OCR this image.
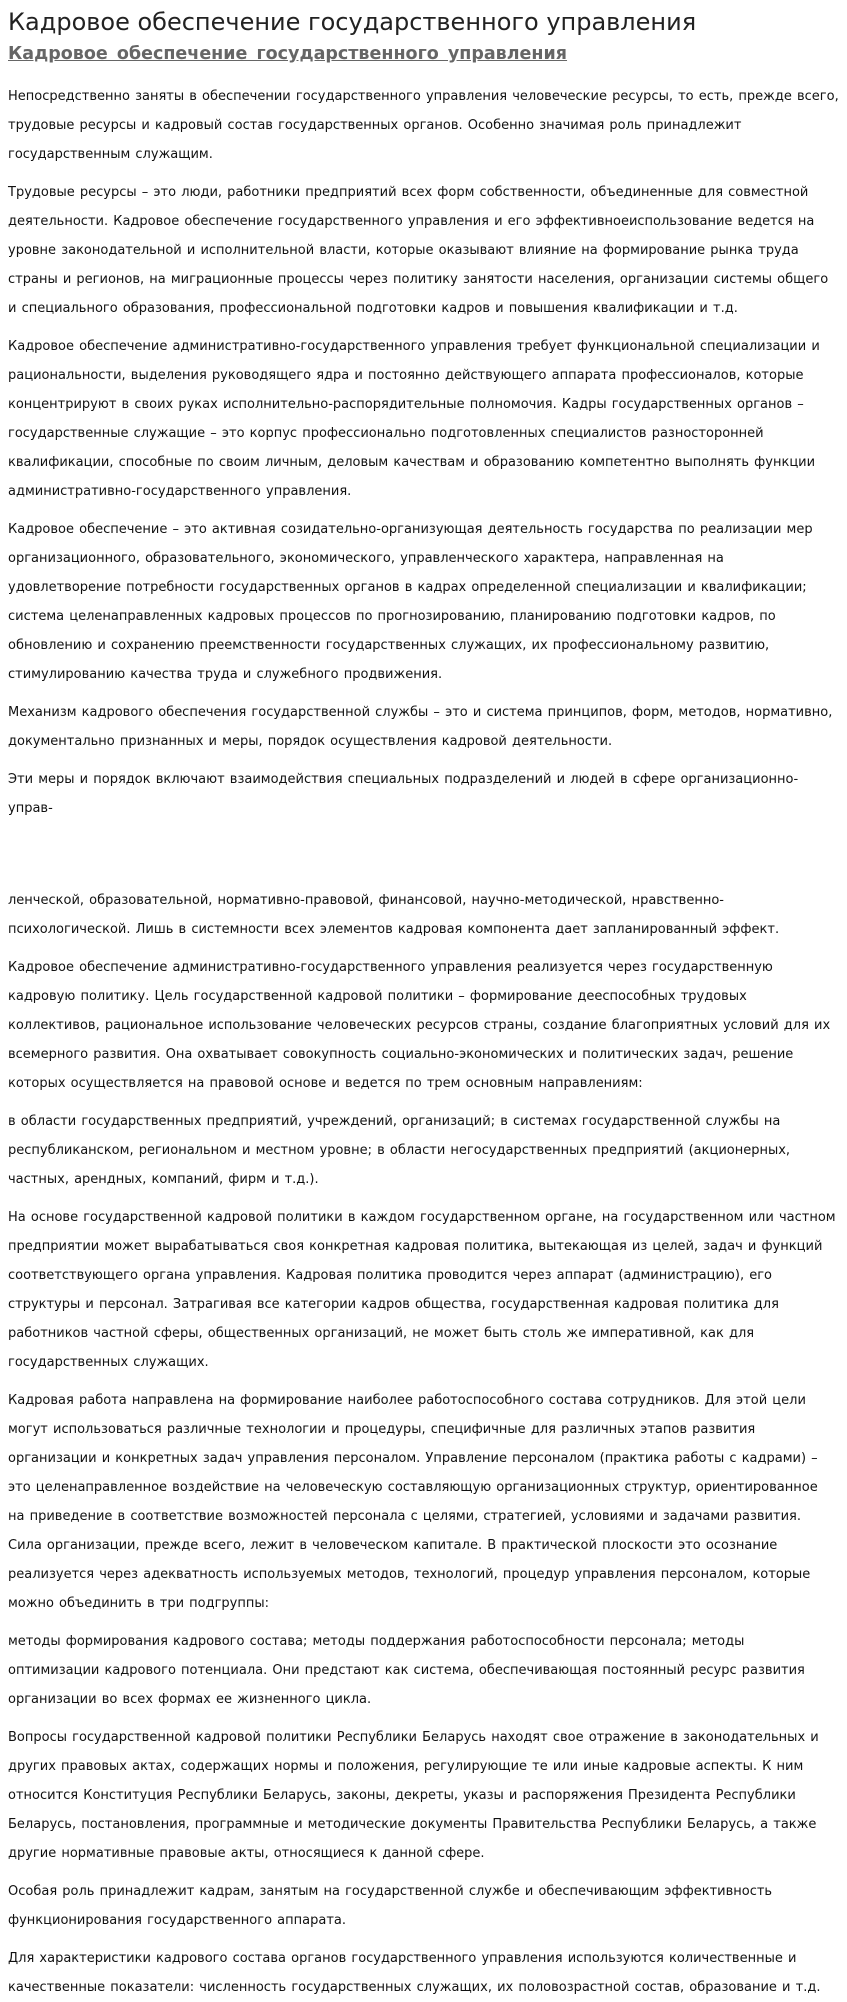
Кадровое обеспечение государственного управления
Кадровое обеспечение государственного управления

Непосредственно заняты в обеспечении государственного управления человеческие ресурсы, то есть, прежде всего, трудовые ресурсы и кадровый состав государственных органов. Особенно значимая роль принадлежит государственным служащим.

Трудовые ресурсы – это люди, работники предприятий всех форм собственности, объединенные для совместной деятельности. Кадровое обеспечение государственного управления и его эффективноеиспользование ведется на уровне законодательной и исполнительной власти, которые оказывают влияние на формирование рынка труда страны и регионов, на миграционные процессы через политику занятости населения, организации системы общего и специального образования, профессиональной подготовки кадров и повышения квалификации и т.д.

Кадровое обеспечение административно-государственного управления требует функциональной специализации и рациональности, выделения руководящего ядра и постоянно действующего аппарата профессионалов, которые концентрируют в своих руках исполнительно-распорядительные полномочия. Кадры государственных органов – государственные служащие – это корпус профессионально подготовленных специалистов разносторонней квалификации, способные по своим личным, деловым качествам и образованию компетентно выполнять функции административно-государственного управления.

Кадровое обеспечение – это активная созидательно-организующая деятельность государства по реализации мер организационного, образовательного, экономического, управленческого характера, направленная на удовлетворение потребности государственных органов в кадрах определенной специализации и квалификации; система целенаправленных кадровых процессов по прогнозированию, планированию подготовки кадров, по обновлению и сохранению преемственности государственных служащих, их профессиональному развитию, стимулированию качества труда и служебного продвижения.

Механизм кадрового обеспечения государственной службы – это и система принципов, форм, методов, нормативно, документально признанных и меры, порядок осуществления кадровой деятельности.

Эти меры и порядок включают взаимодействия специальных подразделений и людей в сфере организационно-управ-

ленческой, образовательной, нормативно-правовой, финансовой, научно-методической, нравственно-психологической. Лишь в системности всех элементов кадровая компонента дает запланированный эффект.

Кадровое обеспечение административно-государственного управления реализуется через государственную кадровую политику. Цель государственной кадровой политики – формирование дееспособных трудовых коллективов, рациональное использование человеческих ресурсов страны, создание благоприятных условий для их всемерного развития. Она охватывает совокупность социально-экономических и политических задач, решение которых осуществляется на правовой основе и ведется по трем основным направлениям:

в области государственных предприятий, учреждений, организаций; в системах государственной службы на республиканском, региональном и местном уровне; в области негосударственных предприятий (акционерных, частных, арендных, компаний, фирм и т.д.).

На основе государственной кадровой политики в каждом государственном органе, на государственном или частном предприятии может вырабатываться своя конкретная кадровая политика, вытекающая из целей, задач и функций соответствующего органа управления. Кадровая политика проводится через аппарат (администрацию), его структуры и персонал. Затрагивая все категории кадров общества, государственная кадровая политика для работников частной сферы, общественных организаций, не может быть столь же императивной, как для государственных служащих.

Кадровая работа направлена на формирование наиболее работоспособного состава сотрудников. Для этой цели могут использоваться различные технологии и процедуры, специфичные для различных этапов развития организации и конкретных задач управления персоналом. Управление персоналом (практика работы с кадрами) – это целенаправленное воздействие на человеческую составляющую организационных структур, ориентированное на приведение в соответствие возможностей персонала с целями, стратегией, условиями и задачами развития. Сила организации, прежде всего, лежит в человеческом капитале. В практической плоскости это осознание реализуется через адекватность используемых методов, технологий, процедур управления персоналом, которые можно объединить в три подгруппы:

методы формирования кадрового состава; методы поддержания работоспособности персонала; методы оптимизации кадрового потенциала. Они предстают как система, обеспечивающая постоянный ресурс развития организации во всех формах ее жизненного цикла.

Вопросы государственной кадровой политики Республики Беларусь находят свое отражение в законодательных и других правовых актах, содержащих нормы и положения, регулирующие те или иные кадровые аспекты. К ним относится Конституция Республики Беларусь, законы, декреты, указы и распоряжения Президента Республики Беларусь, постановления, программные и методические документы Правительства Республики Беларусь, а также другие нормативные правовые акты, относящиеся к данной сфере.

Особая роль принадлежит кадрам, занятым на государственной службе и обеспечивающим эффективность функционирования государственного аппарата.

Для характеристики кадрового состава органов государственного управления используются количественные и качественные показатели: численность государственных служащих, их половозрастной состав, образование и т.д.
